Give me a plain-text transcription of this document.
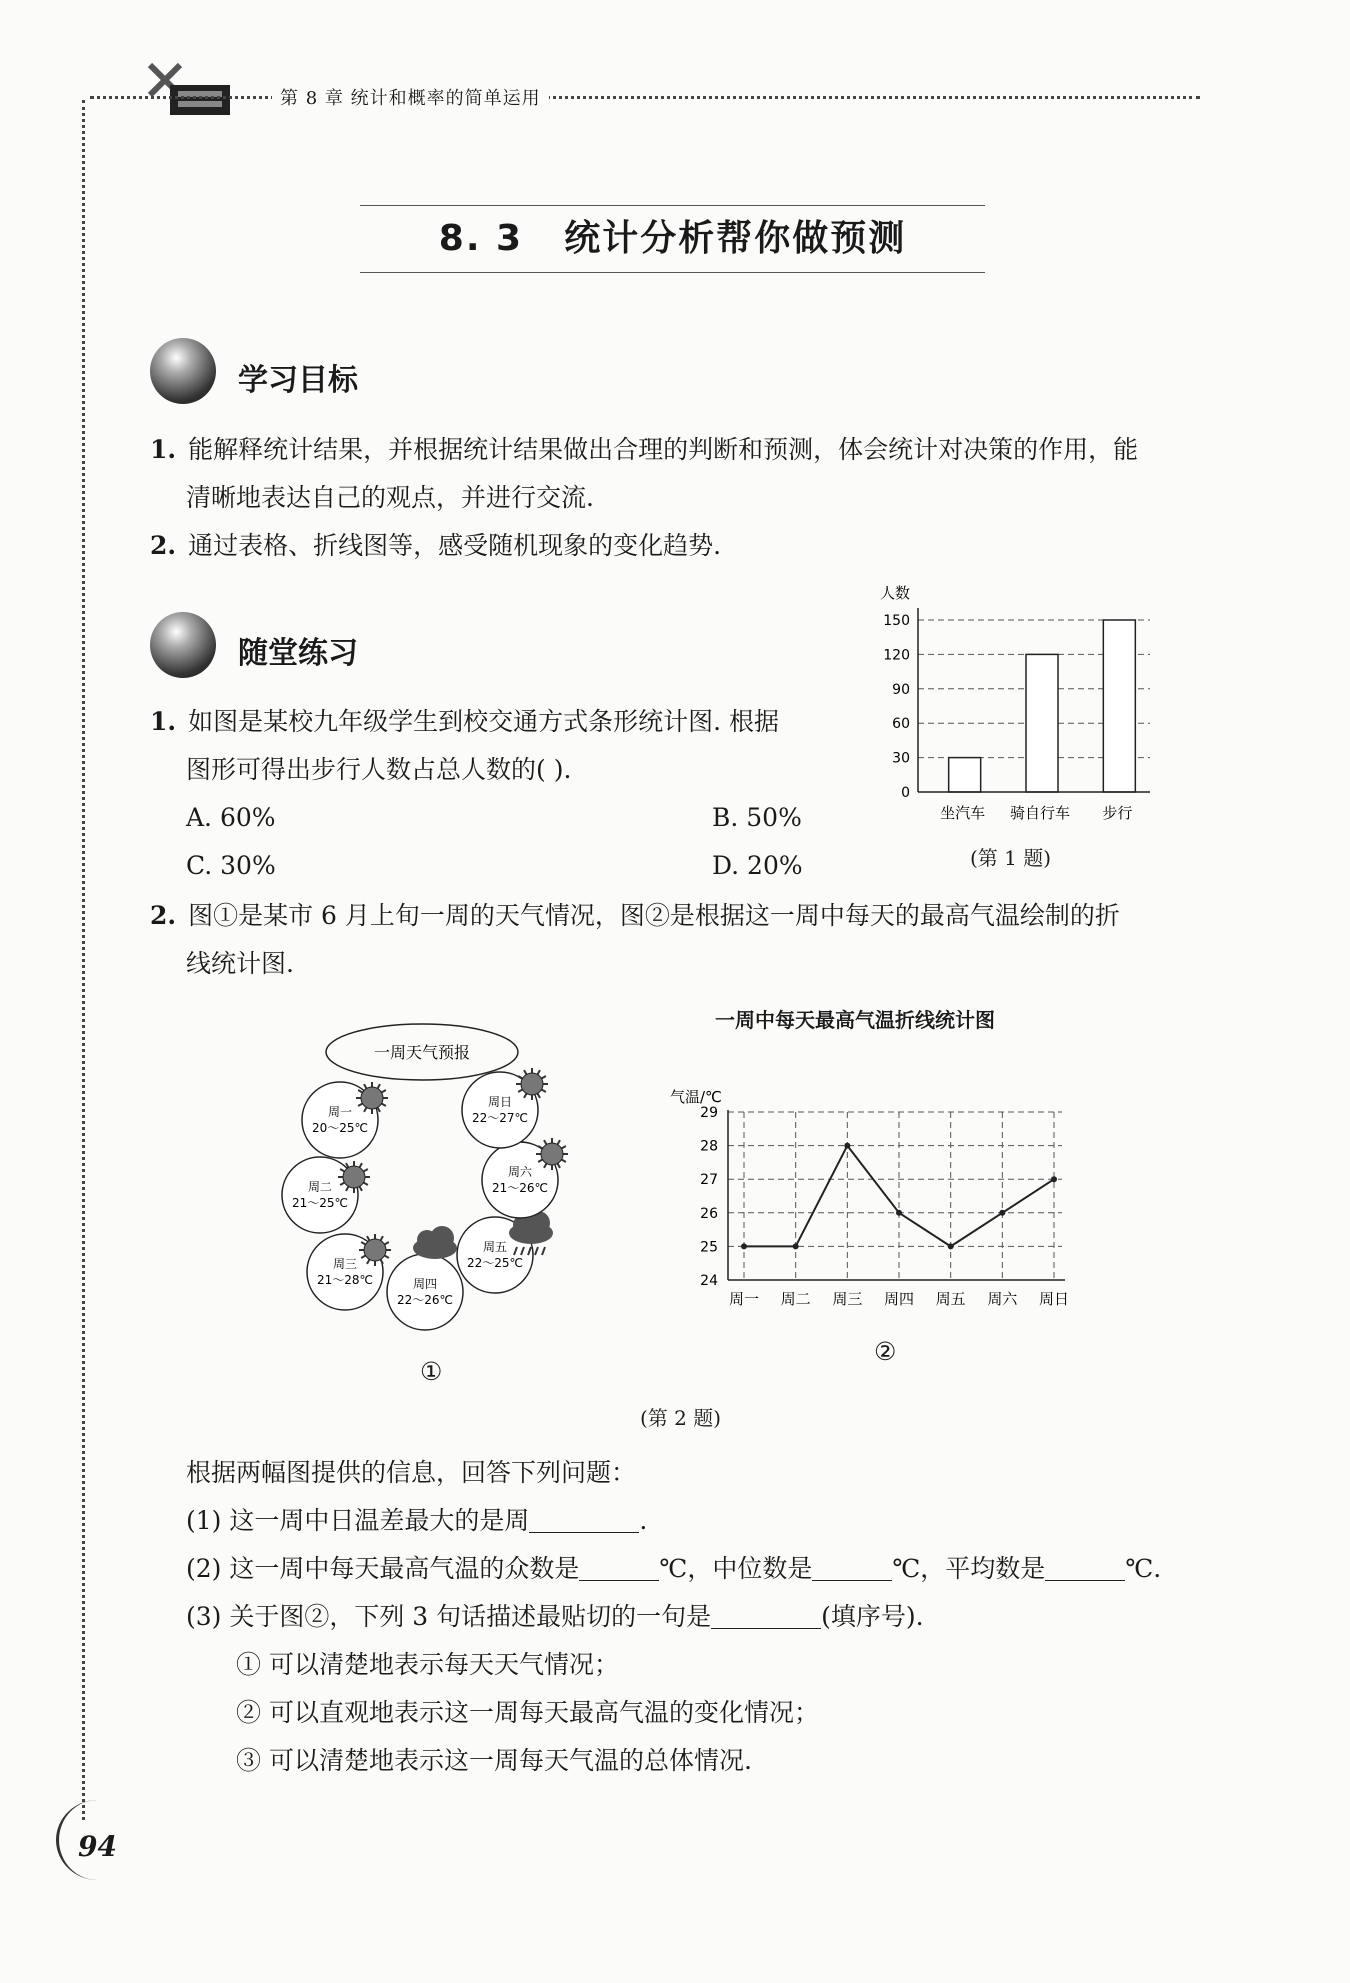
第 8 章 统计和概率的简单运用
8. 3 统计分析帮你做预测
学习目标
1. 能解释统计结果，并根据统计结果做出合理的判断和预测，体会统计对决策的作用，能
清晰地表达自己的观点，并进行交流.
2. 通过表格、折线图等，感受随机现象的变化趋势.
随堂练习
1. 如图是某校九年级学生到校交通方式条形统计图. 根据
图形可得出步行人数占总人数的( ).
A. 60%	B. 50%
C. 30%	D. 20%
人数
0
30
60
90
120
150
坐汽车 骑自行车 步行
(第 1 题)
2. 图①是某市 6 月上旬一周的天气情况，图②是根据这一周中每天的最高气温绘制的折
线统计图.
一周天气预报
周一
20～25℃
周二
21～25℃
周三
21～28℃	周四
22～26℃
周五
22～25℃
周六
21～26℃
周日
22～27℃
①
一周中每天最高气温折线统计图
气温/℃
24
25
26
27
28
29
周一 周二 周三 周四 周五 周六 周日
②
(第 2 题)
根据两幅图提供的信息，回答下列问题：
(1) 这一周中日温差最大的是周	.
(2) 这一周中每天最高气温的众数是	℃，中位数是	℃，平均数是	℃.
(3) 关于图②，下列 3 句话描述最贴切的一句是	(填序号).
① 可以清楚地表示每天天气情况；
② 可以直观地表示这一周每天最高气温的变化情况；
③ 可以清楚地表示这一周每天气温的总体情况.
94
